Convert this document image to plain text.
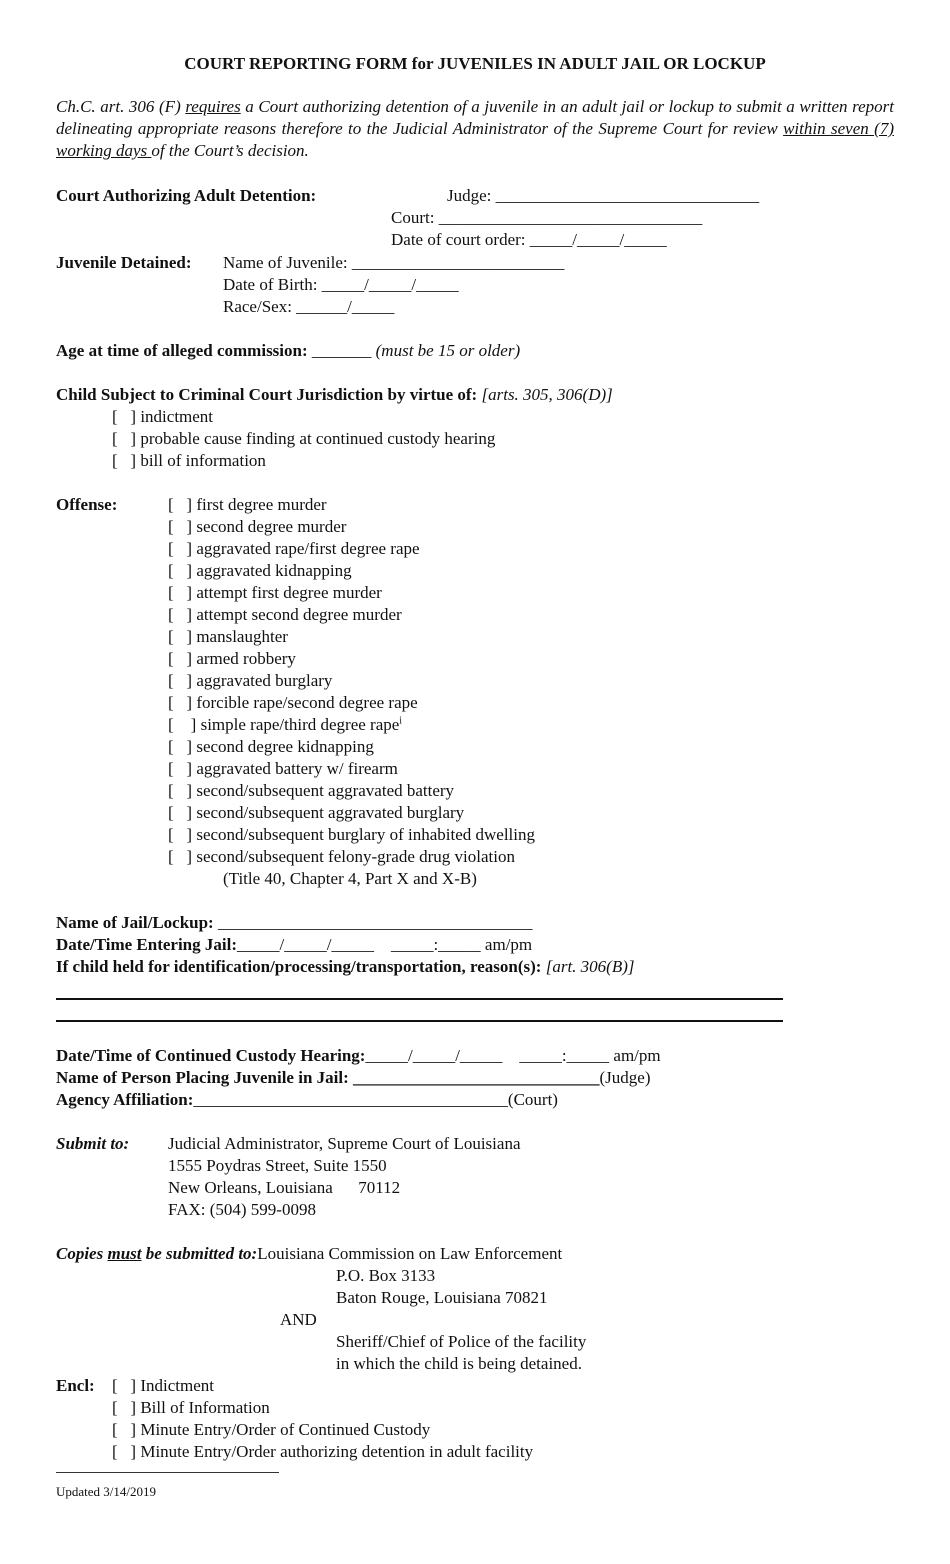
COURT REPORTING FORM for JUVENILES IN ADULT JAIL OR LOCKUP
Ch.C. art. 306 (F) requires a Court authorizing detention of a juvenile in an adult jail or lockup to submit a written report delineating appropriate reasons therefore to the Judicial Administrator of the Supreme Court for review within seven (7) working days of the Court’s decision.
Court Authorizing Adult Detention:	Judge: _______________________________
Court: _______________________________
Date of court order: _____/_____/_____
Juvenile Detained: Name of Juvenile: _________________________
Date of Birth: _____/_____/_____
Race/Sex: ______/_____
Age at time of alleged commission: _______ (must be 15 or older)
Child Subject to Criminal Court Jurisdiction by virtue of: [arts. 305, 306(D)]
[   ] indictment
[   ] probable cause finding at continued custody hearing
[   ] bill of information
Offense:	[   ] first degree murder
[   ] second degree murder
[   ] aggravated rape/first degree rape
[   ] aggravated kidnapping
[   ] attempt first degree murder
[   ] attempt second degree murder
[   ] manslaughter
[   ] armed robbery
[   ] aggravated burglary
[   ] forcible rape/second degree rape
[    ] simple rape/third degree rape$^i$
[   ] second degree kidnapping
[   ] aggravated battery w/ firearm
[   ] second/subsequent aggravated battery
[   ] second/subsequent aggravated burglary
[   ] second/subsequent burglary of inhabited dwelling
[   ] second/subsequent felony-grade drug violation
(Title 40, Chapter 4, Part X and X-B)
Name of Jail/Lockup: _____________________________________
Date/Time Entering Jail:_____/_____/_____    _____:_____ am/pm
If child held for identification/processing/transportation, reason(s): [art. 306(B)]
Date/Time of Continued Custody Hearing:_____/_____/_____    _____:_____ am/pm
Name of Person Placing Juvenile in Jail: _____________________________(Judge)
Agency Affiliation:_____________________________________(Court)
Submit to: Judicial Administrator, Supreme Court of Louisiana
1555 Poydras Street, Suite 1550
New Orleans, Louisiana      70112
FAX: (504) 599-0098
Copies must be submitted to:Louisiana Commission on Law Enforcement
P.O. Box 3133
Baton Rouge, Louisiana 70821
AND
Sheriff/Chief of Police of the facility
in which the child is being detained.
Encl: [   ] Indictment
[   ] Bill of Information
[   ] Minute Entry/Order of Continued Custody
[   ] Minute Entry/Order authorizing detention in adult facility
Updated 3/14/2019
